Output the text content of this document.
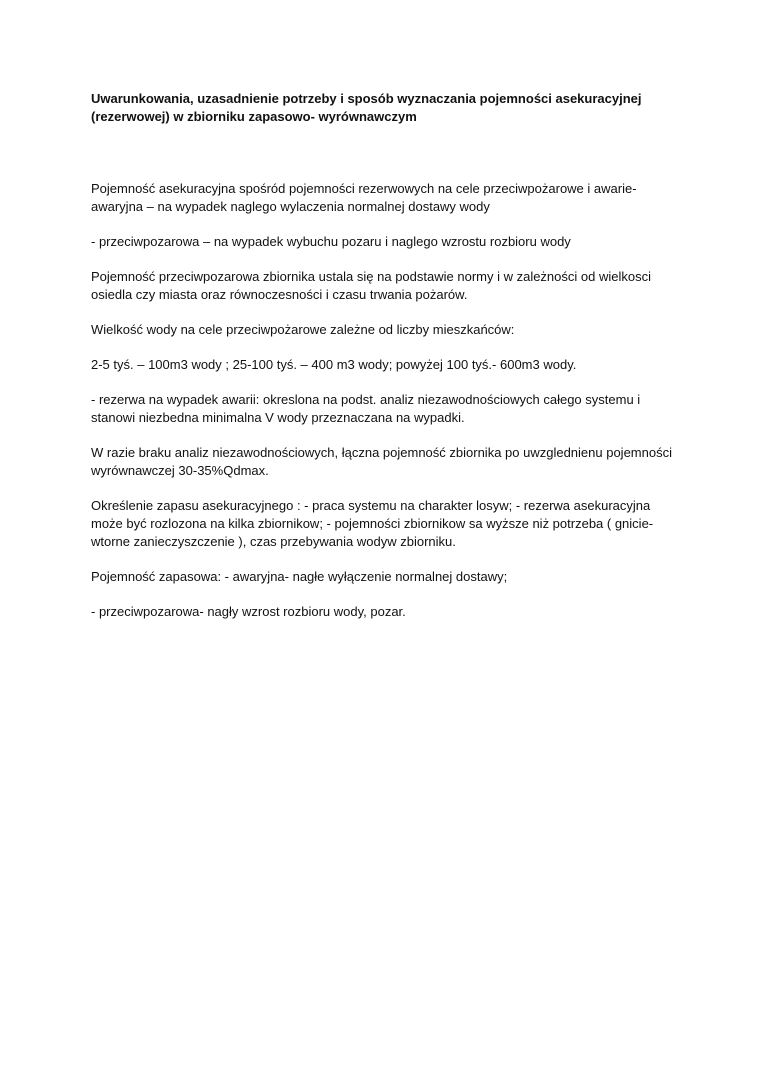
Uwarunkowania, uzasadnienie potrzeby i sposób wyznaczania pojemności asekuracyjnej
(rezerwowej) w zbiorniku zapasowo- wyrównawczym

Pojemność asekuracyjna spośród pojemności rezerwowych na cele przeciwpożarowe i awarie-
awaryjna – na wypadek naglego wylaczenia normalnej dostawy wody

- przeciwpozarowa – na wypadek wybuchu pozaru i naglego wzrostu rozbioru wody

Pojemność przeciwpozarowa zbiornika ustala się na podstawie normy i w zależności od wielkosci
osiedla czy miasta oraz równoczesności i czasu trwania pożarów.

Wielkość wody na cele przeciwpożarowe zależne od liczby mieszkańców:

2-5 tyś. – 100m3 wody ; 25-100 tyś. – 400 m3 wody; powyżej 100 tyś.- 600m3 wody.

- rezerwa na wypadek awarii: okreslona na podst. analiz niezawodnościowych całego systemu i
stanowi niezbedna minimalna V wody przeznaczana na wypadki.

W razie braku analiz niezawodnościowych, łączna pojemność zbiornika po uwzglednienu pojemności
wyrównawczej 30-35%Qdmax.

Określenie zapasu asekuracyjnego : - praca systemu na charakter losyw; - rezerwa asekuracyjna
może być rozlozona na kilka zbiornikow; - pojemności zbiornikow sa wyższe niż potrzeba ( gnicie-
wtorne zanieczyszczenie ), czas przebywania wodyw zbiorniku.

Pojemność zapasowa: - awaryjna- nagłe wyłączenie normalnej dostawy;

- przeciwpozarowa- nagły wzrost rozbioru wody, pozar.
